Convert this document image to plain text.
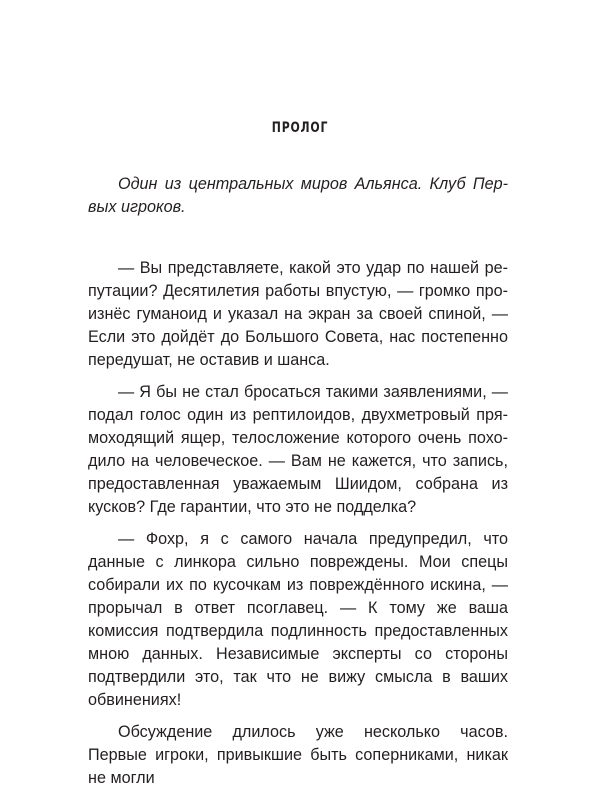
ПРОЛОГ

Один из центральных миров Альянса. Клуб Первых игроков.

— Вы представляете, какой это удар по нашей репутации? Десятилетия работы впустую, — громко произнёс гуманоид и указал на экран за своей спиной, — Если это дойдёт до Большого Совета, нас постепенно передушат, не оставив и шанса.

— Я бы не стал бросаться такими заявлениями, — подал голос один из рептилоидов, двухметровый прямоходящий ящер, телосложение которого очень походило на человеческое. — Вам не кажется, что запись, предоставленная уважаемым Шиидом, собрана из кусков? Где гарантии, что это не подделка?

— Фохр, я с самого начала предупредил, что данные с линкора сильно повреждены. Мои спецы собирали их по кусочкам из повреждённого искина, — прорычал в ответ псоглавец. — К тому же ваша комиссия подтвердила подлинность предоставленных мною данных. Независимые эксперты со стороны подтвердили это, так что не вижу смысла в ваших обвинениях!

Обсуждение длилось уже несколько часов. Первые игроки, привыкшие быть соперниками, никак не могли
